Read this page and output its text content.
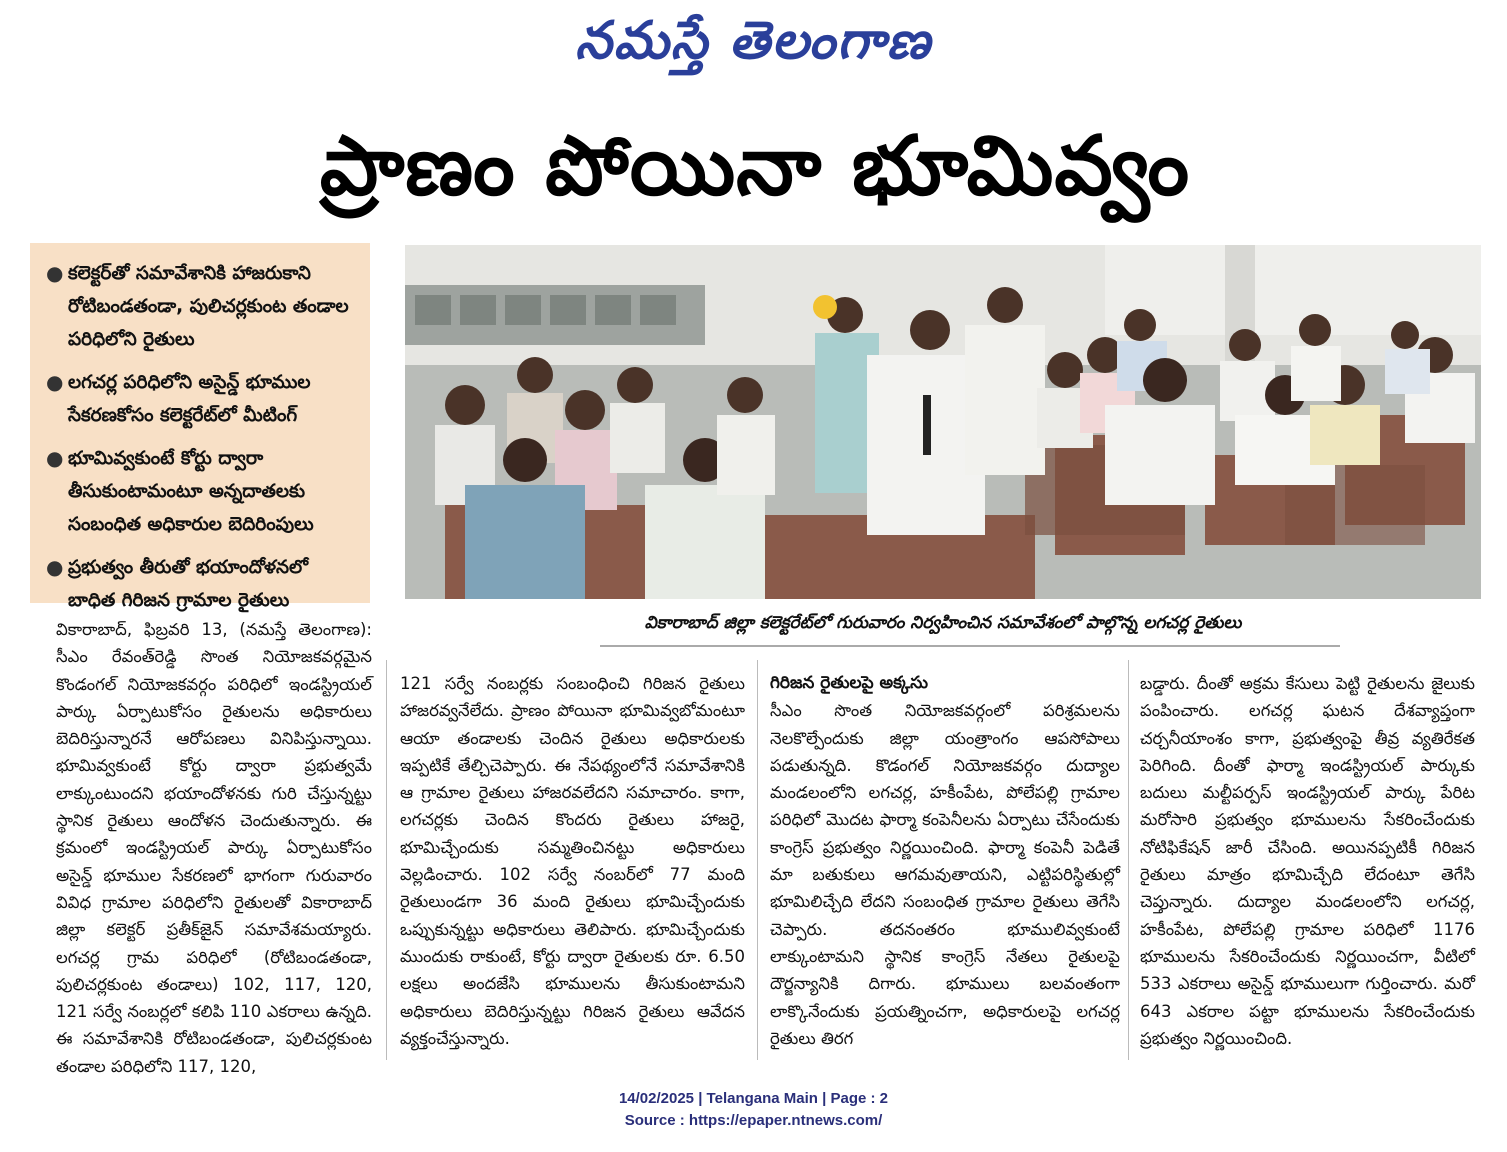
నమస్తే తెలంగాణ
ప్రాణం పోయినా భూమివ్వం
● కలెక్టర్‌తో సమావేశానికి హాజరుకాని రోటిబండతండా, పులిచర్లకుంట తండాల పరిధిలోని రైతులు
● లగచర్ల పరిధిలోని అసైన్డ్ భూముల సేకరణకోసం కలెక్టరేట్‌లో మీటింగ్
● భూమివ్వకుంటే కోర్టు ద్వారా తీసుకుంటామంటూ అన్నదాతలకు సంబంధిత అధికారుల బెదిరింపులు
● ప్రభుత్వం తీరుతో భయాందోళనలో బాధిత గిరిజన గ్రామాల రైతులు
వికారాబాద్ జిల్లా కలెక్టరేట్‌లో గురువారం నిర్వహించిన సమావేశంలో పాల్గొన్న లగచర్ల రైతులు
వికారాబాద్, ఫిబ్రవరి 13, (నమస్తే తెలంగాణ): సీఎం రేవంత్‌రెడ్డి సొంత నియోజకవర్గమైన కొండంగల్ నియోజకవర్గం పరిధిలో ఇండస్ట్రియల్ పార్కు ఏర్పాటుకోసం రైతులను అధికారులు బెదిరిస్తున్నారనే ఆరోపణలు వినిపిస్తున్నాయి. భూమివ్వకుంటే కోర్టు ద్వారా ప్రభుత్వమే లాక్కుంటుందని భయాందోళనకు గురి చేస్తున్నట్టు స్థానిక రైతులు ఆందోళన చెందుతున్నారు. ఈ క్రమంలో ఇండస్ట్రియల్ పార్కు ఏర్పాటుకోసం అసైన్డ్ భూముల సేకరణలో భాగంగా గురువారం వివిధ గ్రామాల పరిధిలోని రైతులతో వికారాబాద్ జిల్లా కలెక్టర్ ప్రతీక్‌జైన్ సమావేశమయ్యారు. లగచర్ల గ్రామ పరిధిలో (రోటిబండతండా, పులిచర్లకుంట తండాలు) 102, 117, 120, 121 సర్వే నంబర్లలో కలిపి 110 ఎకరాలు ఉన్నది. ఈ సమావేశానికి రోటిబండతండా, పులిచర్లకుంట తండాల పరిధిలోని 117, 120,
121 సర్వే నంబర్లకు సంబంధించి గిరిజన రైతులు హాజరవ్వనేలేదు. ప్రాణం పోయినా భూమివ్వబోమంటూ ఆయా తండాలకు చెందిన రైతులు అధికారులకు ఇప్పటికే తేల్చిచెప్పారు. ఈ నేపథ్యంలోనే సమావేశానికి ఆ గ్రామాల రైతులు హాజరవలేదని సమాచారం. కాగా, లగచర్లకు చెందిన కొందరు రైతులు హాజరై, భూమిచ్చేందుకు సమ్మతించినట్టు అధికారులు వెల్లడించారు. 102 సర్వే నంబర్‌లో 77 మంది రైతులుండగా 36 మంది రైతులు భూమిచ్చేందుకు ఒప్పుకున్నట్టు అధికారులు తెలిపారు. భూమిచ్చేందుకు ముందుకు రాకుంటే, కోర్టు ద్వారా రైతులకు రూ. 6.50 లక్షలు అందజేసి భూములను తీసుకుంటామని అధికారులు బెదిరిస్తున్నట్టు గిరిజన రైతులు ఆవేదన వ్యక్తంచేస్తున్నారు.
గిరిజన రైతులపై అక్కసు
సీఎం సొంత నియోజకవర్గంలో పరిశ్రమలను నెలకొల్పేందుకు జిల్లా యంత్రాంగం ఆపసోపాలు పడుతున్నది. కొడంగల్ నియోజకవర్గం దుద్యాల మండలంలోని లగచర్ల, హకీంపేట, పోలేపల్లి గ్రామాల పరిధిలో మొదట ఫార్మా కంపెనీలను ఏర్పాటు చేసేందుకు కాంగ్రెస్ ప్రభుత్వం నిర్ణయించింది. ఫార్మా కంపెనీ పెడితే మా బతుకులు ఆగమవుతాయని, ఎట్టిపరిస్థితుల్లో భూమిలిచ్చేది లేదని సంబంధిత గ్రామాల రైతులు తెగేసి చెప్పారు. తదనంతరం భూములివ్వకుంటే లాక్కుంటామని స్థానిక కాంగ్రెస్ నేతలు రైతులపై దౌర్జన్యానికి దిగారు. భూములు బలవంతంగా లాక్కొనేందుకు ప్రయత్నించగా, అధికారులపై లగచర్ల రైతులు తిరగ
బడ్డారు. దీంతో అక్రమ కేసులు పెట్టి రైతులను జైలుకు పంపించారు. లగచర్ల ఘటన దేశవ్యాప్తంగా చర్చనీయాంశం కాగా, ప్రభుత్వంపై తీవ్ర వ్యతిరేకత పెరిగింది. దీంతో ఫార్మా ఇండస్ట్రియల్ పార్కుకు బదులు మల్టీపర్పస్ ఇండస్ట్రియల్ పార్కు పేరిట మరోసారి ప్రభుత్వం భూములను సేకరించేందుకు నోటిఫికేషన్ జారీ చేసింది. అయినప్పటికీ గిరిజన రైతులు మాత్రం భూమిచ్చేది లేదంటూ తెగేసి చెప్తున్నారు. దుద్యాల మండలంలోని లగచర్ల, హకీంపేట, పోలేపల్లి గ్రామాల పరిధిలో 1176 భూములను సేకరించేందుకు నిర్ణయించగా, వీటిలో 533 ఎకరాలు అసైన్డ్ భూములుగా గుర్తించారు. మరో 643 ఎకరాల పట్టా భూములను సేకరించేందుకు ప్రభుత్వం నిర్ణయించింది.
14/02/2025 | Telangana Main | Page : 2
Source : https://epaper.ntnews.com/
